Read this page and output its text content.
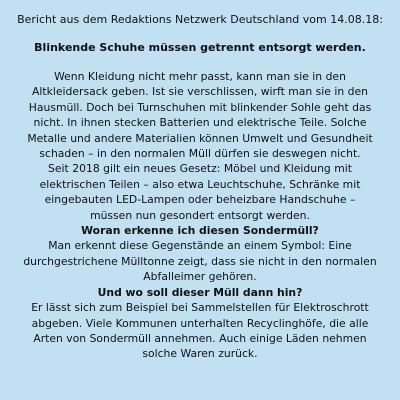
Bericht aus dem Redaktions Netzwerk Deutschland vom 14.08.18:

Blinkende Schuhe müssen getrennt entsorgt werden.

Wenn Kleidung nicht mehr passt, kann man sie in den
Altkleidersack geben. Ist sie verschlissen, wirft man sie in den
Hausmüll. Doch bei Turnschuhen mit blinkender Sohle geht das
nicht. In ihnen stecken Batterien und elektrische Teile. Solche
Metalle und andere Materialien können Umwelt und Gesundheit
schaden – in den normalen Müll dürfen sie deswegen nicht.
Seit 2018 gilt ein neues Gesetz: Möbel und Kleidung mit
elektrischen Teilen – also etwa Leuchtschuhe, Schränke mit
eingebauten LED-Lampen oder beheizbare Handschuhe –
müssen nun gesondert entsorgt werden.
Woran erkenne ich diesen Sondermüll?
Man erkennt diese Gegenstände an einem Symbol: Eine
durchgestrichene Mülltonne zeigt, dass sie nicht in den normalen
Abfalleimer gehören.
Und wo soll dieser Müll dann hin?
Er lässt sich zum Beispiel bei Sammelstellen für Elektroschrott
abgeben. Viele Kommunen unterhalten Recyclinghöfe, die alle
Arten von Sondermüll annehmen. Auch einige Läden nehmen
solche Waren zurück.
